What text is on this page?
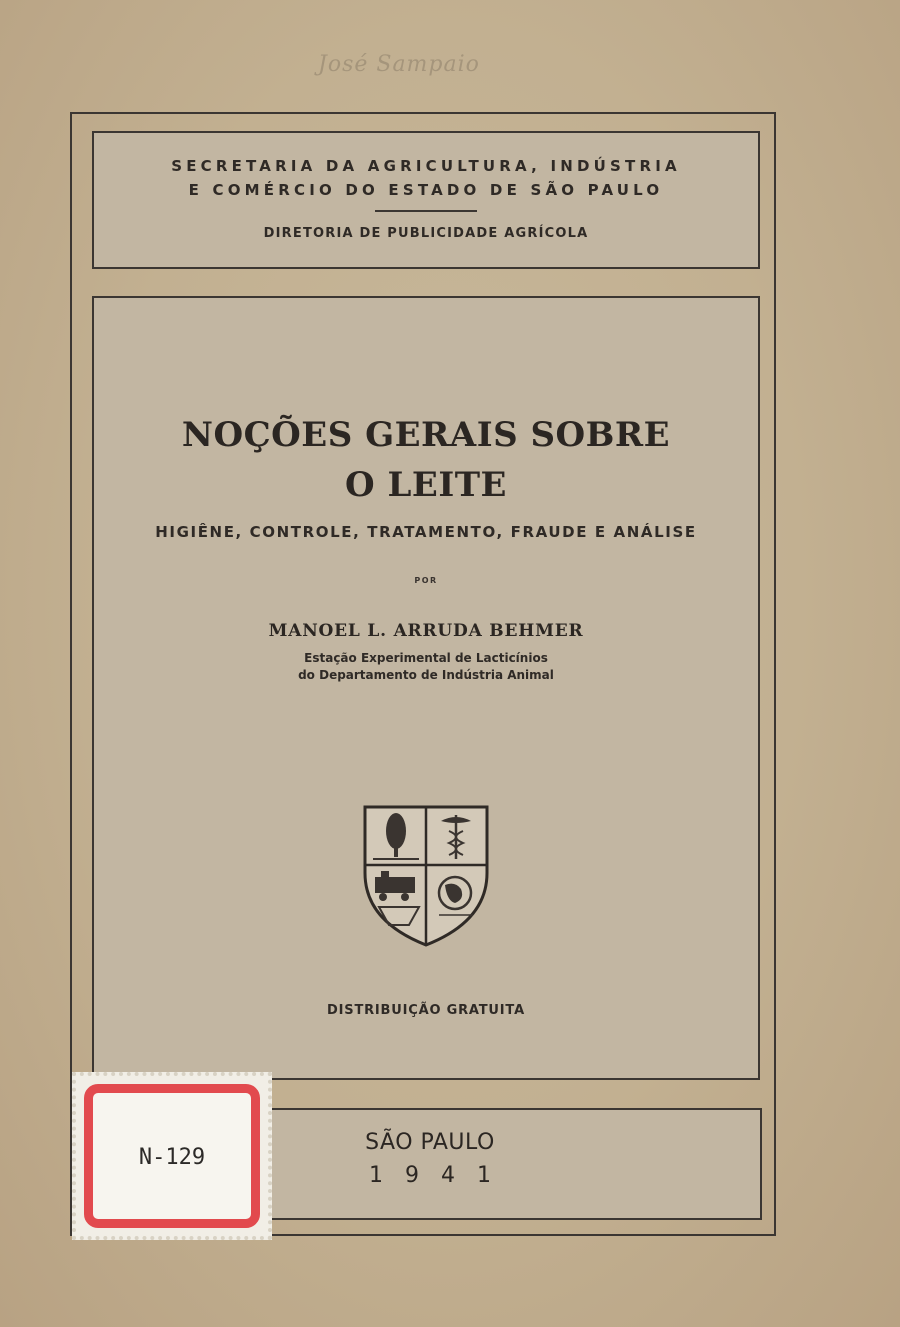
José Sampaio
SECRETARIA DA AGRICULTURA, INDÚSTRIA
E COMÉRCIO DO ESTADO DE SÃO PAULO
DIRETORIA DE PUBLICIDADE AGRÍCOLA
NOÇÕES GERAIS SOBRE
O LEITE
HIGIÊNE, CONTROLE, TRATAMENTO, FRAUDE E ANÁLISE
POR
MANOEL L. ARRUDA BEHMER
Estação Experimental de Lacticínios
do Departamento de Indústria Animal
DISTRIBUIÇÃO GRATUITA
SÃO PAULO
1941
N-129
